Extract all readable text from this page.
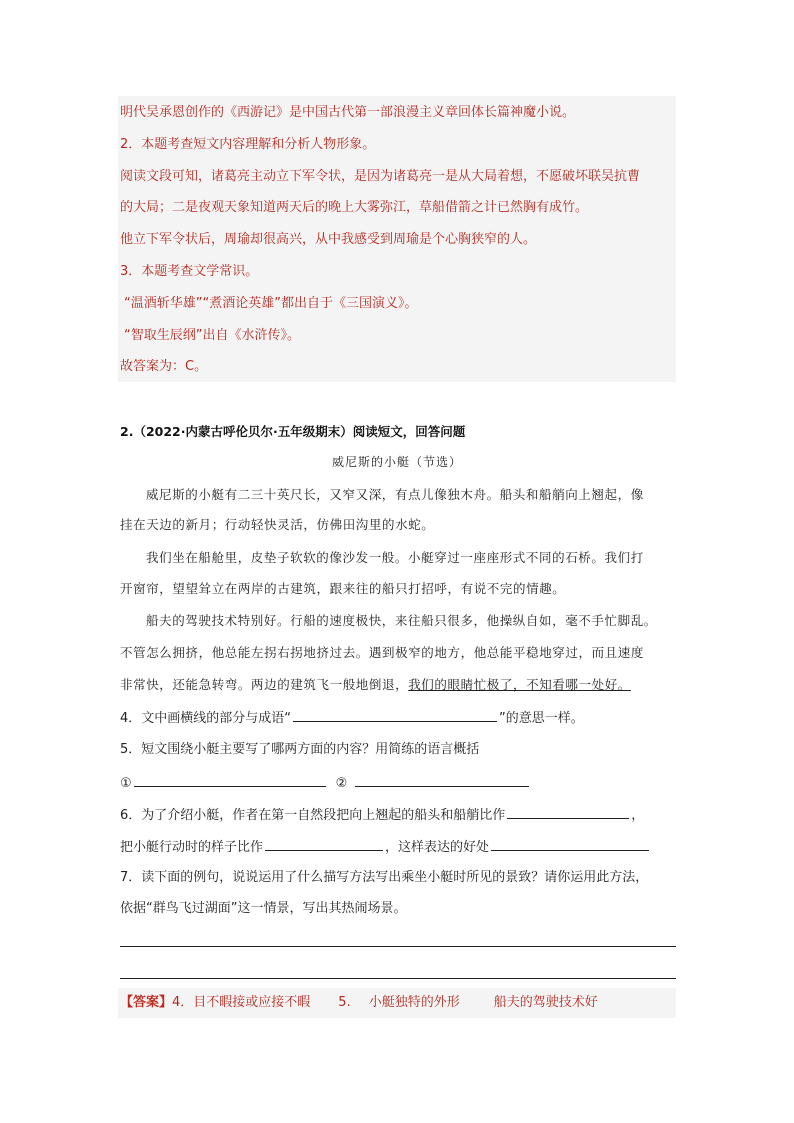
明代吴承恩创作的《西游记》是中国古代第一部浪漫主义章回体长篇神魔小说。
2．本题考查短文内容理解和分析人物形象。
阅读文段可知，诸葛亮主动立下军令状，是因为诸葛亮一是从大局着想，不愿破坏联吴抗曹
的大局；二是夜观天象知道两天后的晚上大雾弥江，草船借箭之计已然胸有成竹。
他立下军令状后，周瑜却很高兴，从中我感受到周瑜是个心胸狭窄的人。
3．本题考查文学常识。
“温酒斩华雄”“煮酒论英雄”都出自于《三国演义》。
“智取生辰纲”出自《水浒传》。
故答案为：C。
2.（2022·内蒙古呼伦贝尔·五年级期末）阅读短文，回答问题
威尼斯的小艇（节选）
威尼斯的小艇有二三十英尺长，又窄又深，有点儿像独木舟。船头和船艄向上翘起，像
挂在天边的新月；行动轻快灵活，仿佛田沟里的水蛇。
我们坐在船舱里，皮垫子软软的像沙发一般。小艇穿过一座座形式不同的石桥。我们打
开窗帘，望望耸立在两岸的古建筑，跟来往的船只打招呼，有说不完的情趣。
船夫的驾驶技术特别好。行船的速度极快，来往船只很多，他操纵自如，毫不手忙脚乱。
不管怎么拥挤，他总能左拐右拐地挤过去。遇到极窄的地方，他总能平稳地穿过，而且速度
非常快，还能急转弯。两边的建筑飞一般地倒退，我们的眼睛忙极了，不知看哪一处好。
4．文中画横线的部分与成语“	”的意思一样。
5．短文围绕小艇主要写了哪两方面的内容？用简练的语言概括
①	②
6．为了介绍小艇，作者在第一自然段把向上翘起的船头和船艄比作	，
把小艇行动时的样子比作	，这样表达的好处
7．读下面的例句，说说运用了什么描写方法写出乘坐小艇时所见的景致？请你运用此方法，
依据“群鸟飞过湖面”这一情景，写出其热闹场景。
【答案】4．目不暇接或应接不暇 5. 小艇独特的外形	船夫的驾驶技术好
